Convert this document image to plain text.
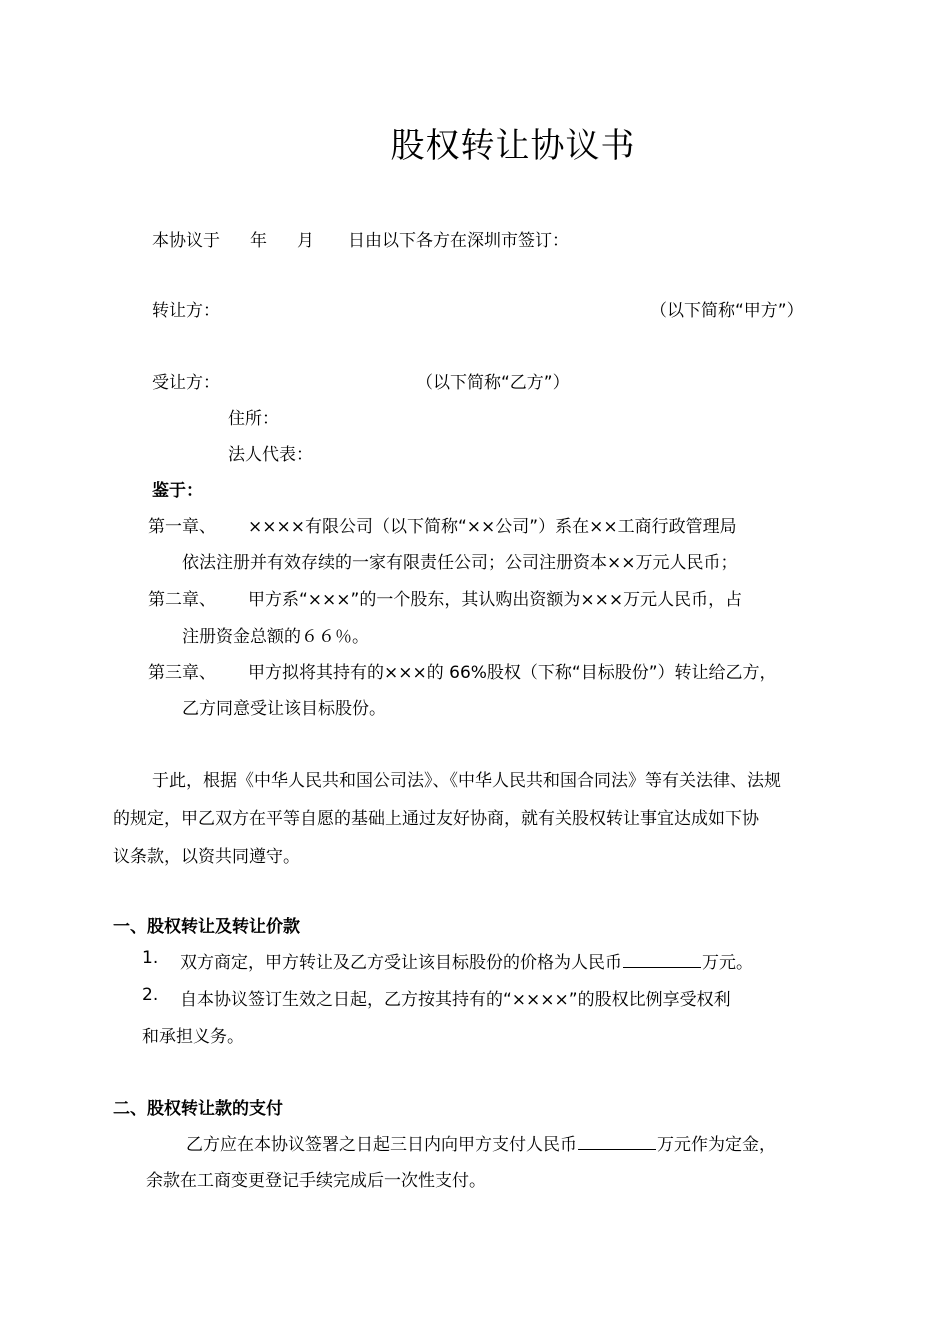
股权转让协议书
本协议于 年 月 日由以下各方在深圳市签订：
转让方：	（以下简称“甲方”）
受让方：	（以下简称“乙方”）
住所：
法人代表：
鉴于：
第一章、 ××××有限公司（以下简称“××公司”）系在××工商行政管理局
依法注册并有效存续的一家有限责任公司；公司注册资本××万元人民币；
第二章、 甲方系“×××”的一个股东，其认购出资额为×××万元人民币，占
注册资金总额的６６％。
第三章、 甲方拟将其持有的×××的 66%股权（下称“目标股份”）转让给乙方，
乙方同意受让该目标股份。
于此，根据《中华人民共和国公司法》、《中华人民共和国合同法》等有关法律、法规
的规定，甲乙双方在平等自愿的基础上通过友好协商，就有关股权转让事宜达成如下协
议条款，以资共同遵守。
一、股权转让及转让价款
1. 双方商定，甲方转让及乙方受让该目标股份的价格为人民币	万元。
2. 自本协议签订生效之日起，乙方按其持有的“××××”的股权比例享受权利
和承担义务。
二、股权转让款的支付
乙方应在本协议签署之日起三日内向甲方支付人民币	万元作为定金，
余款在工商变更登记手续完成后一次性支付。
